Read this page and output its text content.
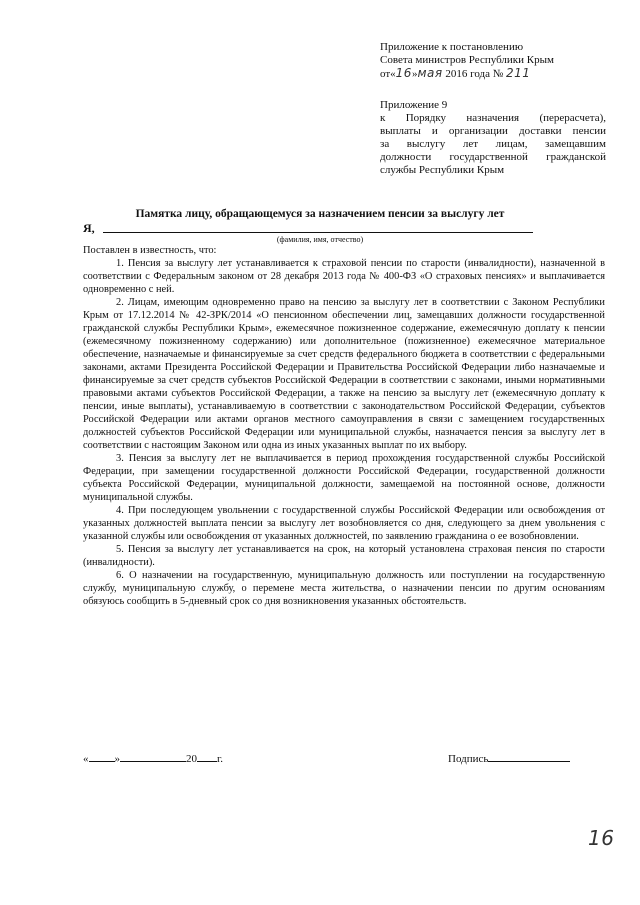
Приложение к постановлению
Совета министров Республики Крым
от«16»мая 2016 года № 211
Приложение 9
к Порядку назначения (перерасчета),
выплаты и организации доставки пенсии
за выслугу лет лицам, замещавшим
должности государственной гражданской
службы Республики Крым
Памятка лицу, обращающемуся за назначением пенсии за выслугу лет
Я,
(фамилия, имя, отчество)

Поставлен в известность, что:

1. Пенсия за выслугу лет устанавливается к страховой пенсии по старости (инвалидности), назначенной в соответствии с Федеральным законом от 28 декабря 2013 года № 400-ФЗ «О страховых пенсиях» и выплачивается одновременно с ней.

2. Лицам, имеющим одновременно право на пенсию за выслугу лет в соответствии с Законом Республики Крым от 17.12.2014 № 42-ЗРК/2014 «О пенсионном обеспечении лиц, замещавших должности государственной гражданской службы Республики Крым», ежемесячное пожизненное содержание, ежемесячную доплату к пенсии (ежемесячному пожизненному содержанию) или дополнительное (пожизненное) ежемесячное материальное обеспечение, назначаемые и финансируемые за счет средств федерального бюджета в соответствии с федеральными законами, актами Президента Российской Федерации и Правительства Российской Федерации либо назначаемые и финансируемые за счет средств субъектов Российской Федерации в соответствии с законами, иными нормативными правовыми актами субъектов Российской Федерации, а также на пенсию за выслугу лет (ежемесячную доплату к пенсии, иные выплаты), устанавливаемую в соответствии с законодательством Российской Федерации, субъектов Российской Федерации или актами органов местного самоуправления в связи с замещением государственных должностей субъектов Российской Федерации или муниципальной службы, назначается пенсия за выслугу лет в соответствии с настоящим Законом или одна из иных указанных выплат по их выбору.

3. Пенсия за выслугу лет не выплачивается в период прохождения государственной службы Российской Федерации, при замещении государственной должности Российской Федерации, государственной должности субъекта Российской Федерации, муниципальной должности, замещаемой на постоянной основе, должности муниципальной службы.

4. При последующем увольнении с государственной службы Российской Федерации или освобождения от указанных должностей выплата пенсии за выслугу лет возобновляется со дня, следующего за днем увольнения с указанной службы или освобождения от указанных должностей, по заявлению гражданина о ее возобновлении.

5. Пенсия за выслугу лет устанавливается на срок, на который установлена страховая пенсия по старости (инвалидности).

6. О назначении на государственную, муниципальную должность или поступлении на государственную службу, муниципальную службу, о перемене места жительства, о назначении пенсии по другим основаниям обязуюсь сообщить в 5-дневный срок со дня возникновения указанных обстоятельств.

« »	20 г.	Подпись
16
